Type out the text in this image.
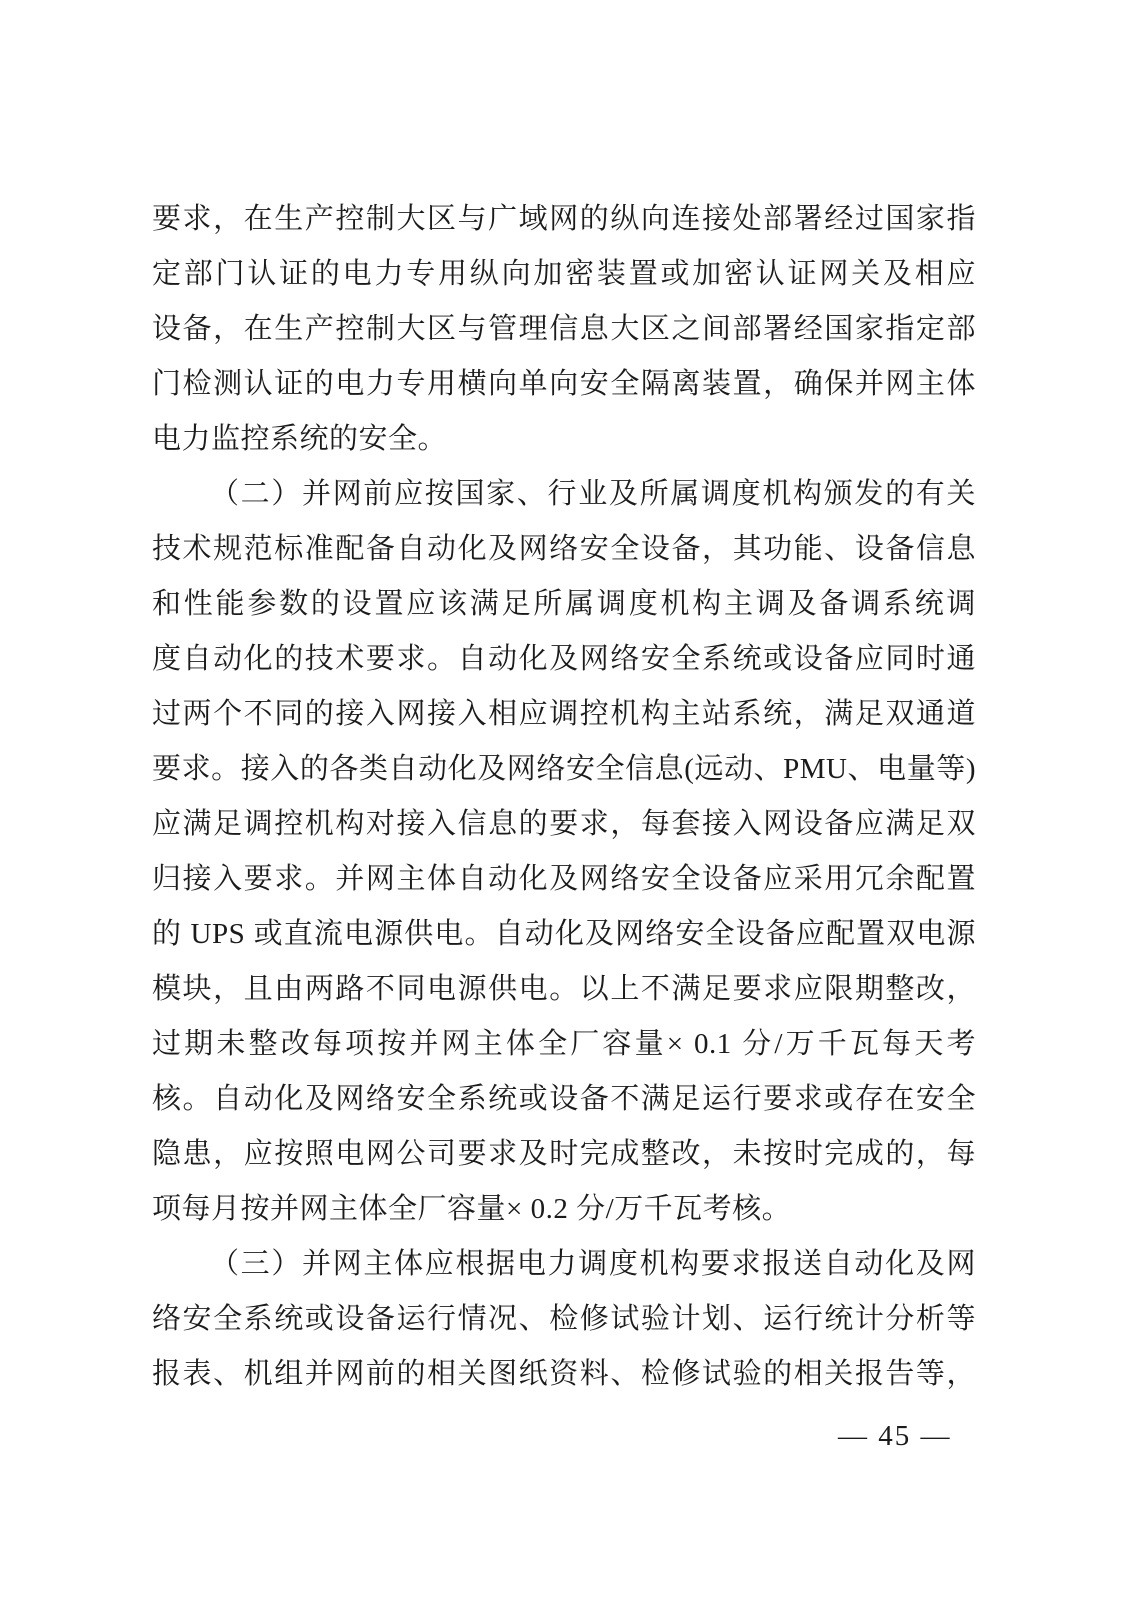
要求，在生产控制大区与广域网的纵向连接处部署经过国家指
定部门认证的电力专用纵向加密装置或加密认证网关及相应
设备，在生产控制大区与管理信息大区之间部署经国家指定部
门检测认证的电力专用横向单向安全隔离装置，确保并网主体
电力监控系统的安全。
（二）并网前应按国家、行业及所属调度机构颁发的有关
技术规范标准配备自动化及网络安全设备，其功能、设备信息
和性能参数的设置应该满足所属调度机构主调及备调系统调
度自动化的技术要求。自动化及网络安全系统或设备应同时通
过两个不同的接入网接入相应调控机构主站系统，满足双通道
要求。接入的各类自动化及网络安全信息(远动、PMU、电量等)
应满足调控机构对接入信息的要求，每套接入网设备应满足双
归接入要求。并网主体自动化及网络安全设备应采用冗余配置
的 UPS 或直流电源供电。自动化及网络安全设备应配置双电源
模块，且由两路不同电源供电。以上不满足要求应限期整改，
过期未整改每项按并网主体全厂容量× 0.1 分/万千瓦每天考
核。自动化及网络安全系统或设备不满足运行要求或存在安全
隐患，应按照电网公司要求及时完成整改，未按时完成的，每
项每月按并网主体全厂容量× 0.2 分/万千瓦考核。
（三）并网主体应根据电力调度机构要求报送自动化及网
络安全系统或设备运行情况、检修试验计划、运行统计分析等
报表、机组并网前的相关图纸资料、检修试验的相关报告等，
— 45 —
